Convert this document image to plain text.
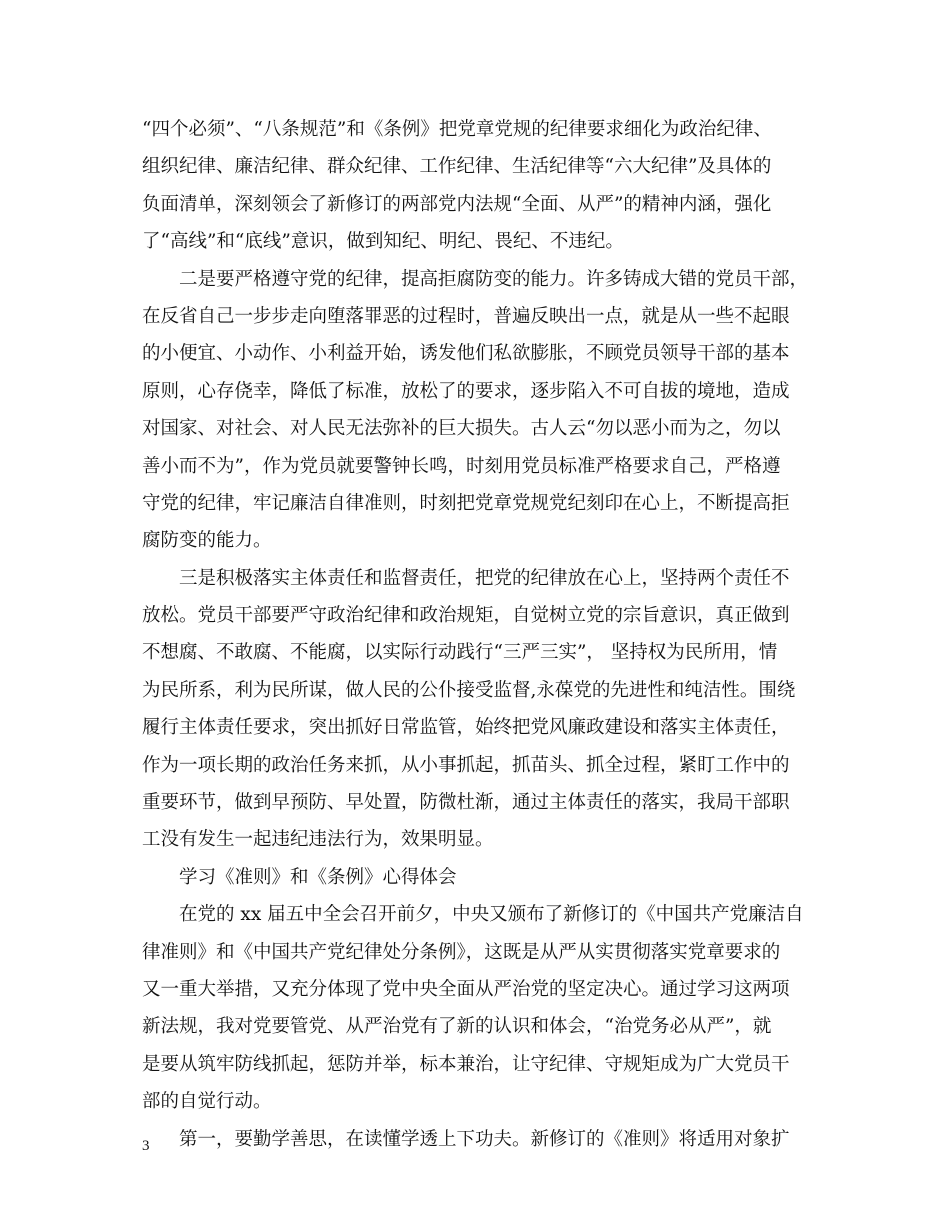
“四个必须”、“八条规范”和《条例》把党章党规的纪律要求细化为政治纪律、
组织纪律、廉洁纪律、群众纪律、工作纪律、生活纪律等“六大纪律”及具体的
负面清单，深刻领会了新修订的两部党内法规“全面、从严”的精神内涵，强化
了“高线”和“底线”意识，做到知纪、明纪、畏纪、不违纪。
二是要严格遵守党的纪律，提高拒腐防变的能力。许多铸成大错的党员干部，
在反省自己一步步走向堕落罪恶的过程时，普遍反映出一点，就是从一些不起眼
的小便宜、小动作、小利益开始，诱发他们私欲膨胀，不顾党员领导干部的基本
原则，心存侥幸，降低了标准，放松了的要求，逐步陷入不可自拔的境地，造成
对国家、对社会、对人民无法弥补的巨大损失。古人云“勿以恶小而为之，勿以
善小而不为”，作为党员就要警钟长鸣，时刻用党员标准严格要求自己，严格遵
守党的纪律，牢记廉洁自律准则，时刻把党章党规党纪刻印在心上，不断提高拒
腐防变的能力。
三是积极落实主体责任和监督责任，把党的纪律放在心上，坚持两个责任不
放松。党员干部要严守政治纪律和政治规矩，自觉树立党的宗旨意识，真正做到
不想腐、不敢腐、不能腐，以实际行动践行“三严三实”， 坚持权为民所用，情
为民所系，利为民所谋，做人民的公仆接受监督,永葆党的先进性和纯洁性。围绕
履行主体责任要求，突出抓好日常监管，始终把党风廉政建设和落实主体责任，
作为一项长期的政治任务来抓，从小事抓起，抓苗头、抓全过程，紧盯工作中的
重要环节，做到早预防、早处置，防微杜渐，通过主体责任的落实，我局干部职
工没有发生一起违纪违法行为，效果明显。
学习《准则》和《条例》心得体会
在党的 xx 届五中全会召开前夕，中央又颁布了新修订的《中国共产党廉洁自
律准则》和《中国共产党纪律处分条例》，这既是从严从实贯彻落实党章要求的
又一重大举措，又充分体现了党中央全面从严治党的坚定决心。通过学习这两项
新法规，我对党要管党、从严治党有了新的认识和体会，“治党务必从严”，就
是要从筑牢防线抓起，惩防并举，标本兼治，让守纪律、守规矩成为广大党员干
部的自觉行动。
第一，要勤学善思，在读懂学透上下功夫。新修订的《准则》将适用对象扩
3
